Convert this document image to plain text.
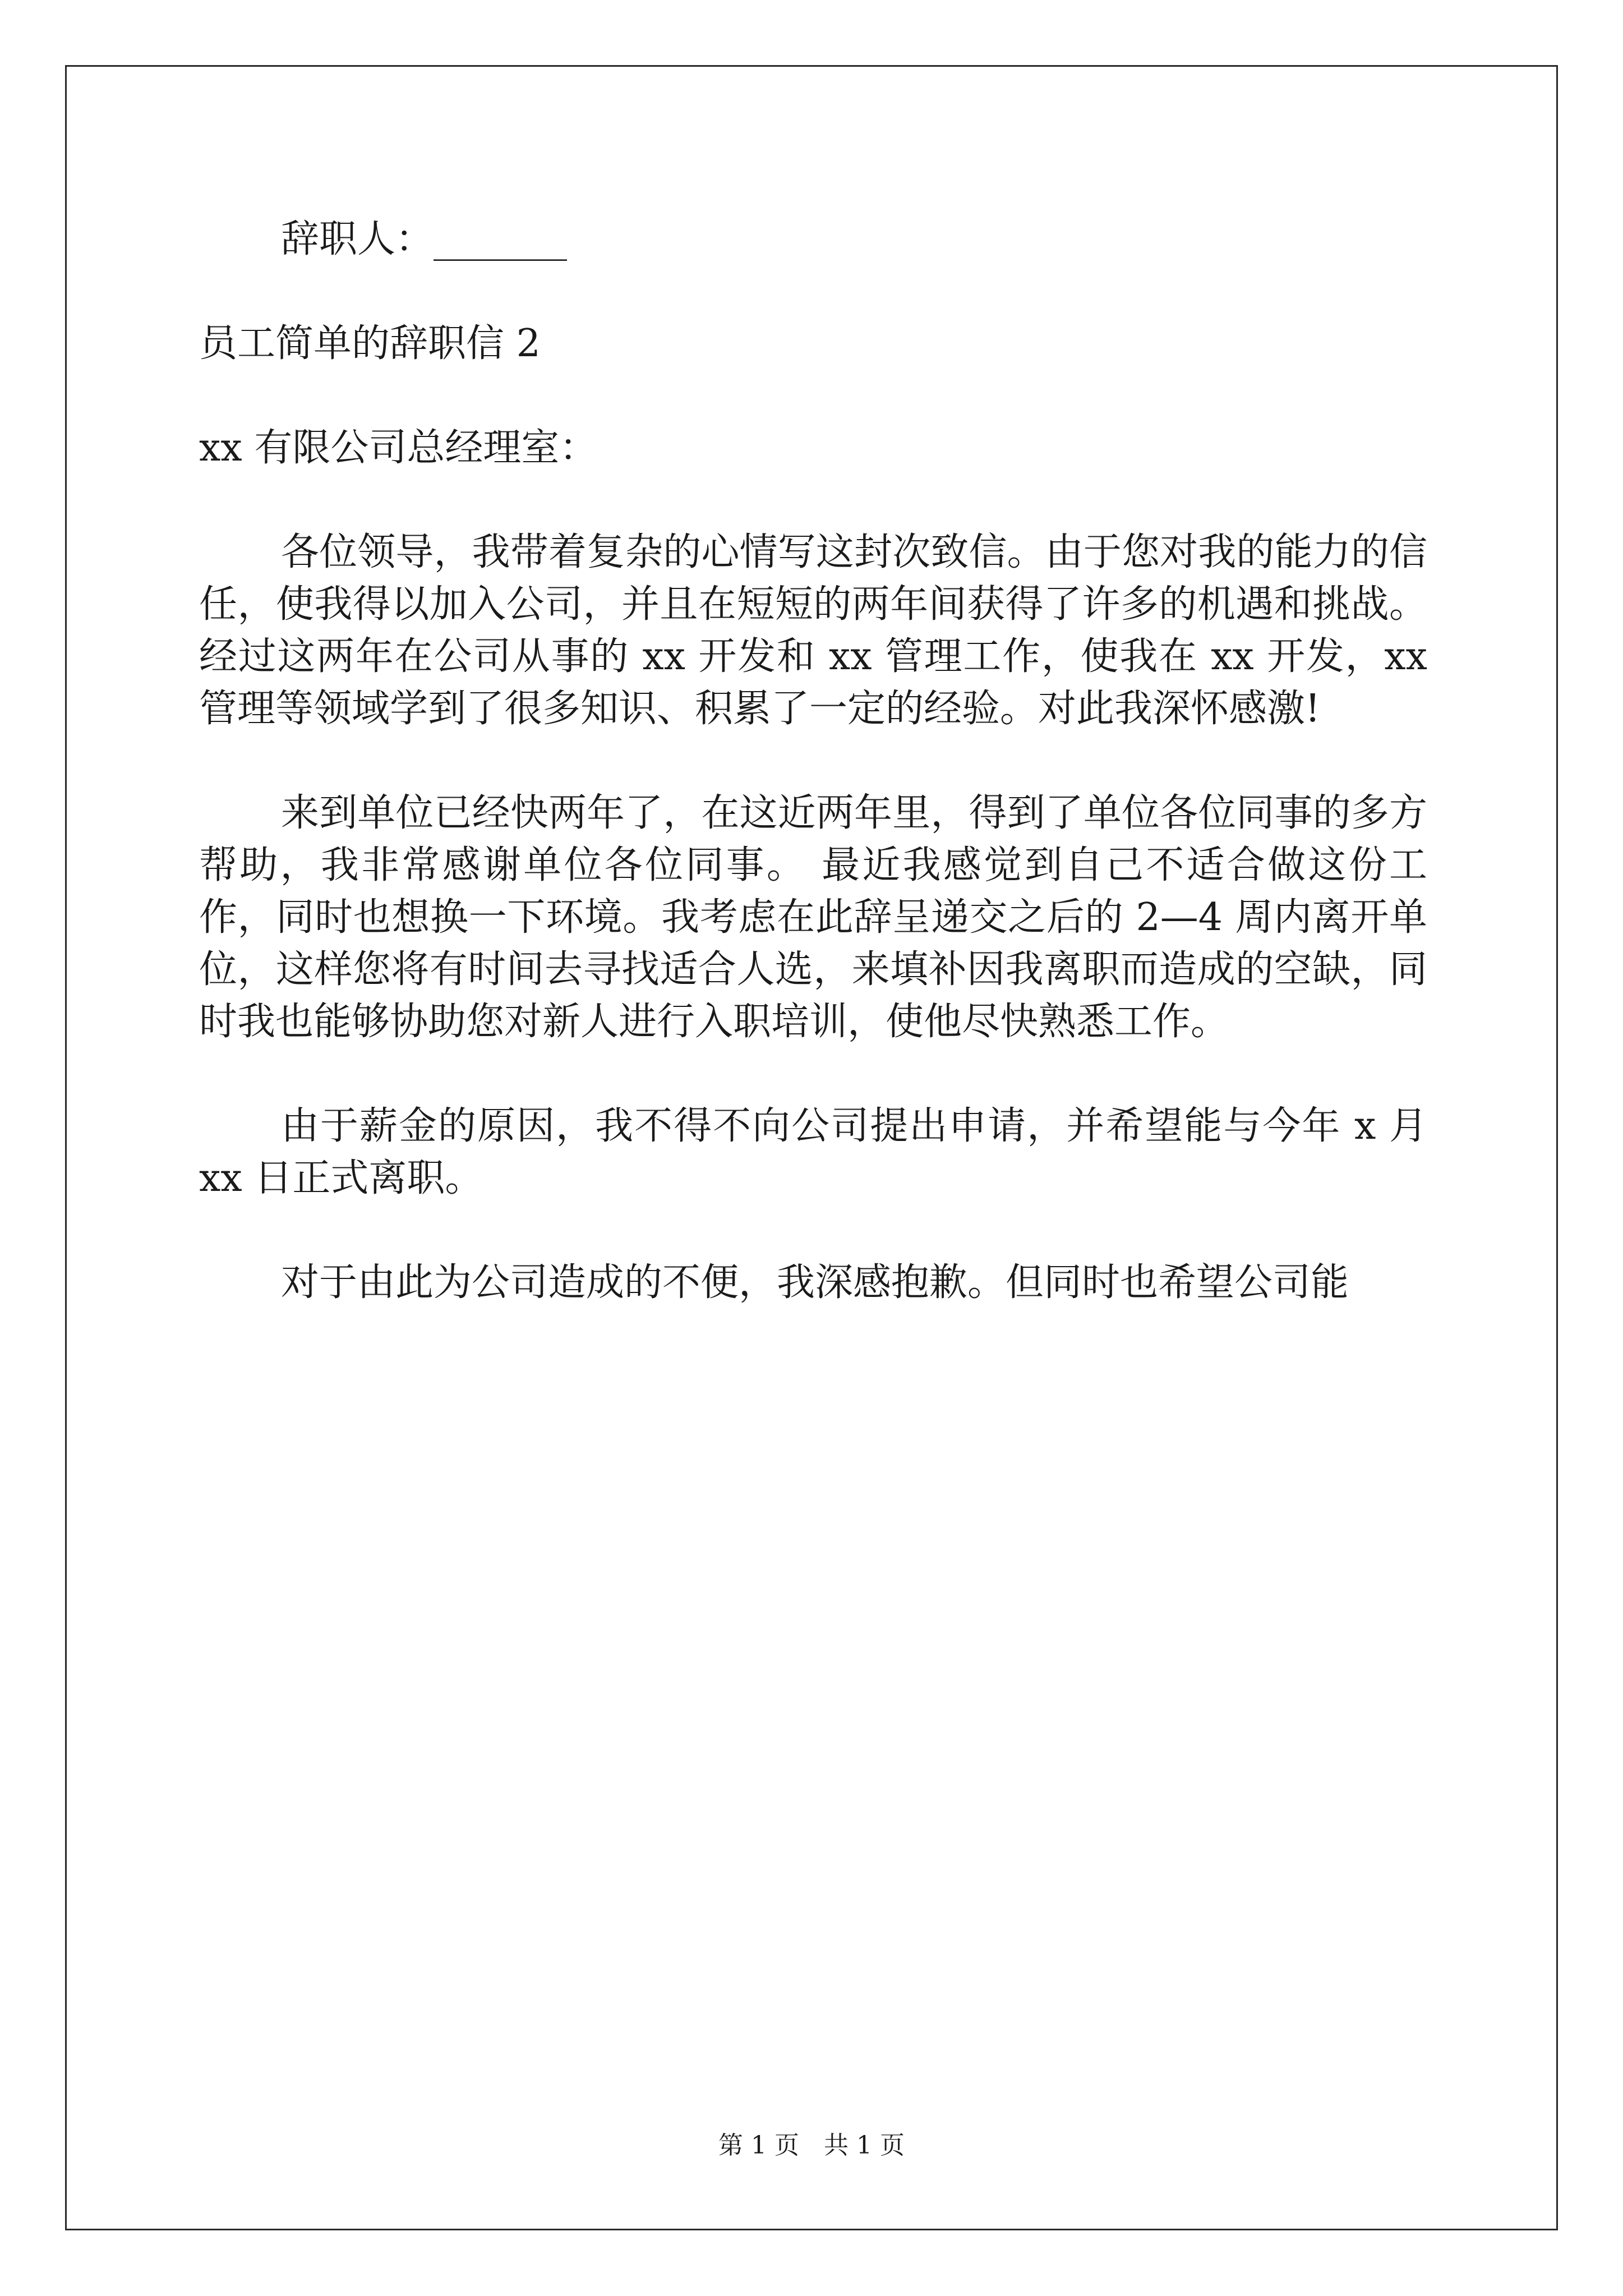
辞职人：_______

员工简单的辞职信 2

xx 有限公司总经理室：

各位领导，我带着复杂的心情写这封次致信。由于您对我的能力的信任，使我得以加入公司，并且在短短的两年间获得了许多的机遇和挑战。经过这两年在公司从事的 xx 开发和 xx 管理工作，使我在 xx 开发，xx 管理等领域学到了很多知识、积累了一定的经验。对此我深怀感激!

来到单位已经快两年了，在这近两年里，得到了单位各位同事的多方帮助，我非常感谢单位各位同事。 最近我感觉到自己不适合做这份工作，同时也想换一下环境。我考虑在此辞呈递交之后的 2—4 周内离开单位，这样您将有时间去寻找适合人选，来填补因我离职而造成的空缺，同时我也能够协助您对新人进行入职培训，使他尽快熟悉工作。

由于薪金的原因，我不得不向公司提出申请，并希望能与今年 x 月 xx 日正式离职。

对于由此为公司造成的不便，我深感抱歉。但同时也希望公司能

第 1 页　共 1 页
